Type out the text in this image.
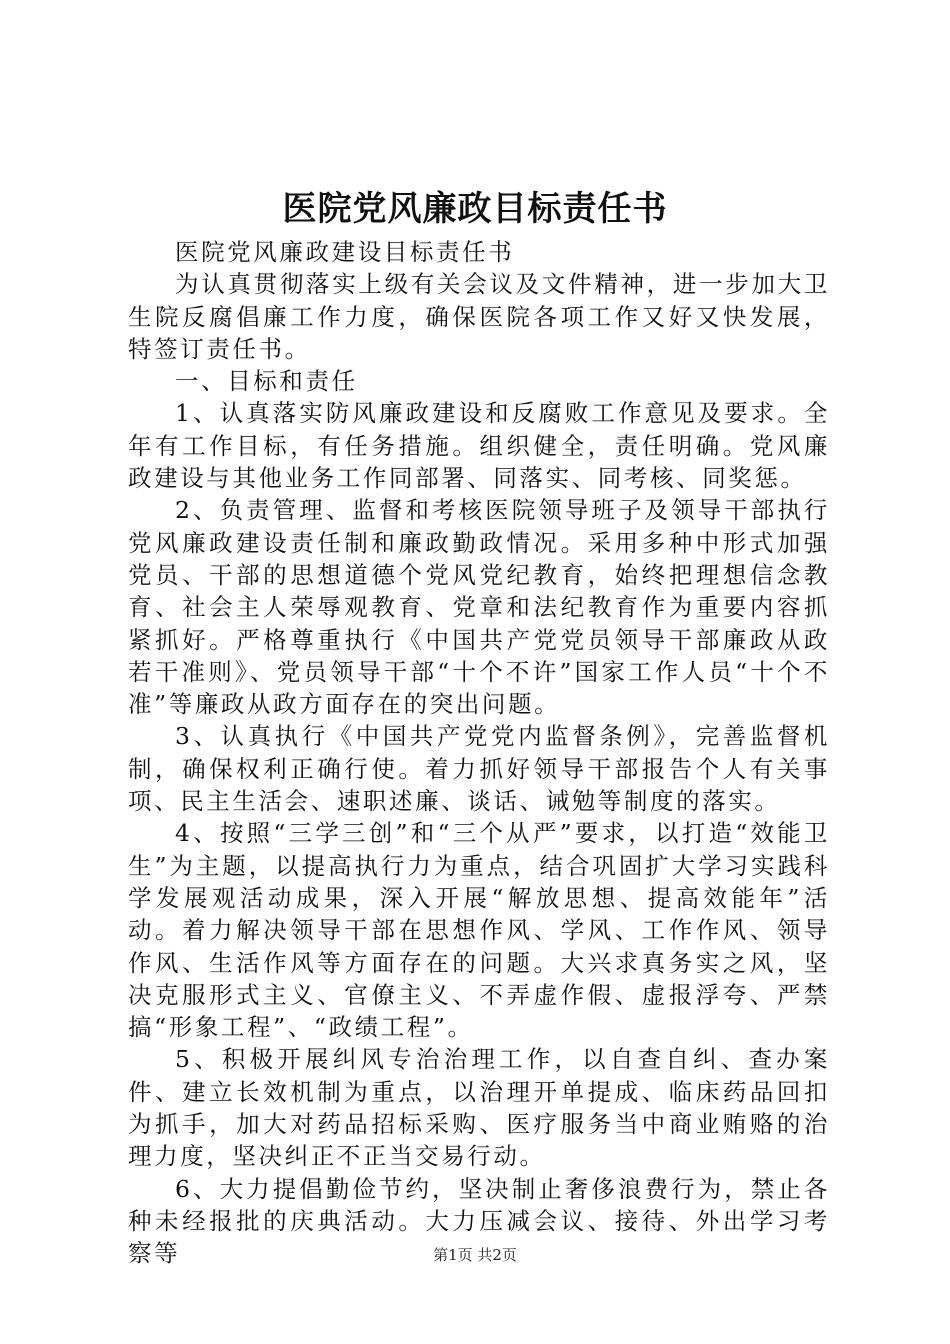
医院党风廉政目标责任书

医院党风廉政建设目标责任书

为认真贯彻落实上级有关会议及文件精神，进一步加大卫生院反腐倡廉工作力度，确保医院各项工作又好又快发展，特签订责任书。

一、目标和责任

1、认真落实防风廉政建设和反腐败工作意见及要求。全年有工作目标，有任务措施。组织健全，责任明确。党风廉政建设与其他业务工作同部署、同落实、同考核、同奖惩。

2、负责管理、监督和考核医院领导班子及领导干部执行党风廉政建设责任制和廉政勤政情况。采用多种中形式加强党员、干部的思想道德个党风党纪教育，始终把理想信念教育、社会主人荣辱观教育、党章和法纪教育作为重要内容抓紧抓好。严格尊重执行《中国共产党党员领导干部廉政从政若干准则》、党员领导干部“十个不许”国家工作人员“十个不准”等廉政从政方面存在的突出问题。

3、认真执行《中国共产党党内监督条例》，完善监督机制，确保权利正确行使。着力抓好领导干部报告个人有关事项、民主生活会、速职述廉、谈话、诫勉等制度的落实。

4、按照“三学三创”和“三个从严”要求，以打造“效能卫生”为主题，以提高执行力为重点，结合巩固扩大学习实践科学发展观活动成果，深入开展“解放思想、提高效能年”活动。着力解决领导干部在思想作风、学风、工作作风、领导作风、生活作风等方面存在的问题。大兴求真务实之风，坚决克服形式主义、官僚主义、不弄虚作假、虚报浮夸、严禁搞“形象工程”、“政绩工程”。

5、积极开展纠风专治治理工作，以自查自纠、查办案件、建立长效机制为重点，以治理开单提成、临床药品回扣为抓手，加大对药品招标采购、医疗服务当中商业贿赂的治理力度，坚决纠正不正当交易行动。

6、大力提倡勤俭节约，坚决制止奢侈浪费行为，禁止各种未经报批的庆典活动。大力压减会议、接待、外出学习考察等	第1页 共2页
